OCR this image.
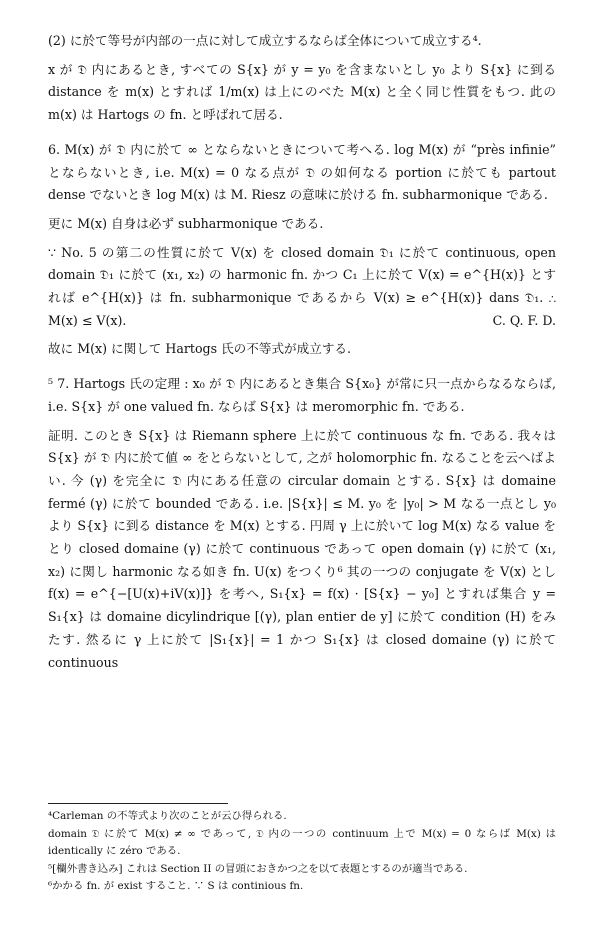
(2) に於て等号が内部の一点に対して成立するならば全体について成立する⁴.

x が 𝔇 内にあるとき, すべての S{x} が y = y₀ を含まないとし y₀ より S{x} に到る distance を m(x) とすれば 1/m(x) は上にのべた M(x) と全く同じ性質をもつ. 此の m(x) は Hartogs の fn. と呼ばれて居る.

6. M(x) が 𝔇 内に於て ∞ とならないときについて考へる. log M(x) が “près infinie” とならないとき, i.e. M(x) = 0 なる点が 𝔇 の如何なる portion に於ても partout dense でないとき log M(x) は M. Riesz の意味に於ける fn. subharmonique である.

更に M(x) 自身は必ず subharmonique である.

∵ No. 5 の第二の性質に於て V(x) を closed domain 𝔇₁ に於て continuous, open domain 𝔇₁ に於て (x₁, x₂) の harmonic fn. かつ C₁ 上に於て V(x) = e^{H(x)} とすれば e^{H(x)} は fn. subharmonique であるから V(x) ≥ e^{H(x)} dans 𝔇₁. ∴ M(x) ≤ V(x).	C. Q. F. D.

故に M(x) に関して Hartogs 氏の不等式が成立する.

⁵ 7. Hartogs 氏の定理 : x₀ が 𝔇 内にあるとき集合 S{x₀} が常に只一点からなるならば, i.e. S{x} が one valued fn. ならば S{x} は meromorphic fn. である.

証明. このとき S{x} は Riemann sphere 上に於て continuous な fn. である. 我々は S{x} が 𝔇 内に於て値 ∞ をとらないとして, 之が holomorphic fn. なることを云へばよい. 今 (γ) を完全に 𝔇 内にある任意の circular domain とする. S{x} は domaine fermé (γ) に於て bounded である. i.e. |S{x}| ≤ M. y₀ を |y₀| > M なる一点とし y₀ より S{x} に到る distance を M(x) とする. 円周 γ 上に於いて log M(x) なる value をとり closed domaine (γ) に於て continuous であって open domain (γ) に於て (x₁, x₂) に関し harmonic なる如き fn. U(x) をつくり⁶ 其の一つの conjugate を V(x) とし f(x) = e^{−[U(x)+iV(x)]} を考へ, S₁{x} = f(x) · [S{x} − y₀] とすれば集合 y = S₁{x} は domaine dicylindrique [(γ), plan entier de y] に於て condition (H) をみたす. 然るに γ 上に於て |S₁{x}| = 1 かつ S₁{x} は closed domaine (γ) に於て continuous

⁴Carleman の不等式より次のことが云ひ得られる.

domain 𝔇 に於て M(x) ≠ ∞ であって, 𝔇 内の一つの continuum 上で M(x) = 0 ならば M(x) は identically に zéro である.

⁵[欄外書き込み] これは Section II の冒頭におきかつ之を以て表題とするのが適当である.

⁶かかる fn. が exist すること. ∵ S は continious fn.
